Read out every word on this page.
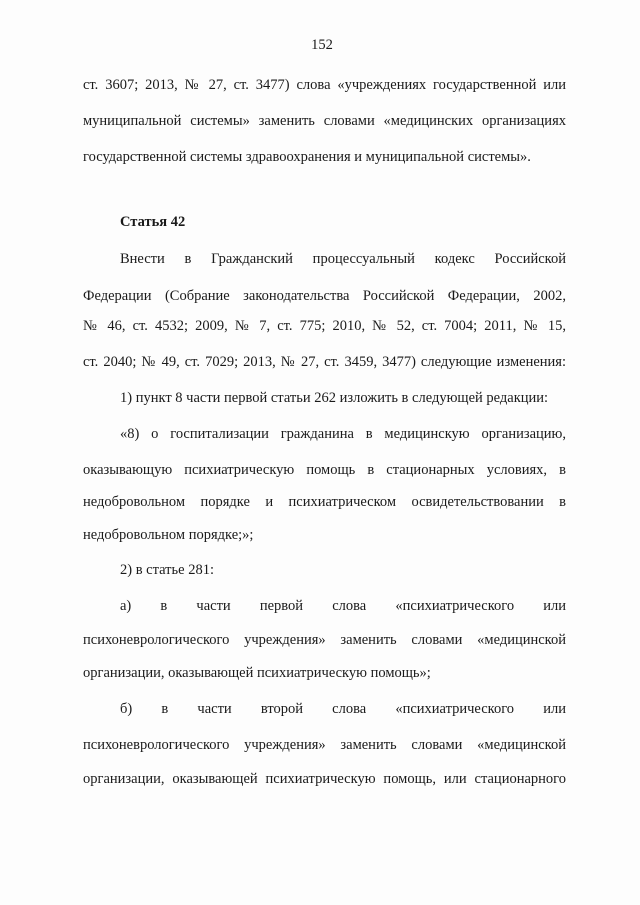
152
ст. 3607; 2013, № 27, ст. 3477) слова «учреждениях государственной или
муниципальной системы» заменить словами «медицинских организациях
государственной системы здравоохранения и муниципальной системы».
Статья 42
Внести в Гражданский процессуальный кодекс Российской
Федерации (Собрание законодательства Российской Федерации, 2002,
№ 46, ст. 4532; 2009, № 7, ст. 775; 2010, № 52, ст. 7004; 2011, № 15,
ст. 2040; № 49, ст. 7029; 2013, № 27, ст. 3459, 3477) следующие изменения:
1) пункт 8 части первой статьи 262 изложить в следующей редакции:
«8) о госпитализации гражданина в медицинскую организацию,
оказывающую психиатрическую помощь в стационарных условиях, в
недобровольном порядке и психиатрическом освидетельствовании в
недобровольном порядке;»;
2) в статье 281:
а) в части первой слова «психиатрического или
психоневрологического учреждения» заменить словами «медицинской
организации, оказывающей психиатрическую помощь»;
б) в части второй слова «психиатрического или
психоневрологического учреждения» заменить словами «медицинской
организации, оказывающей психиатрическую помощь, или стационарного
